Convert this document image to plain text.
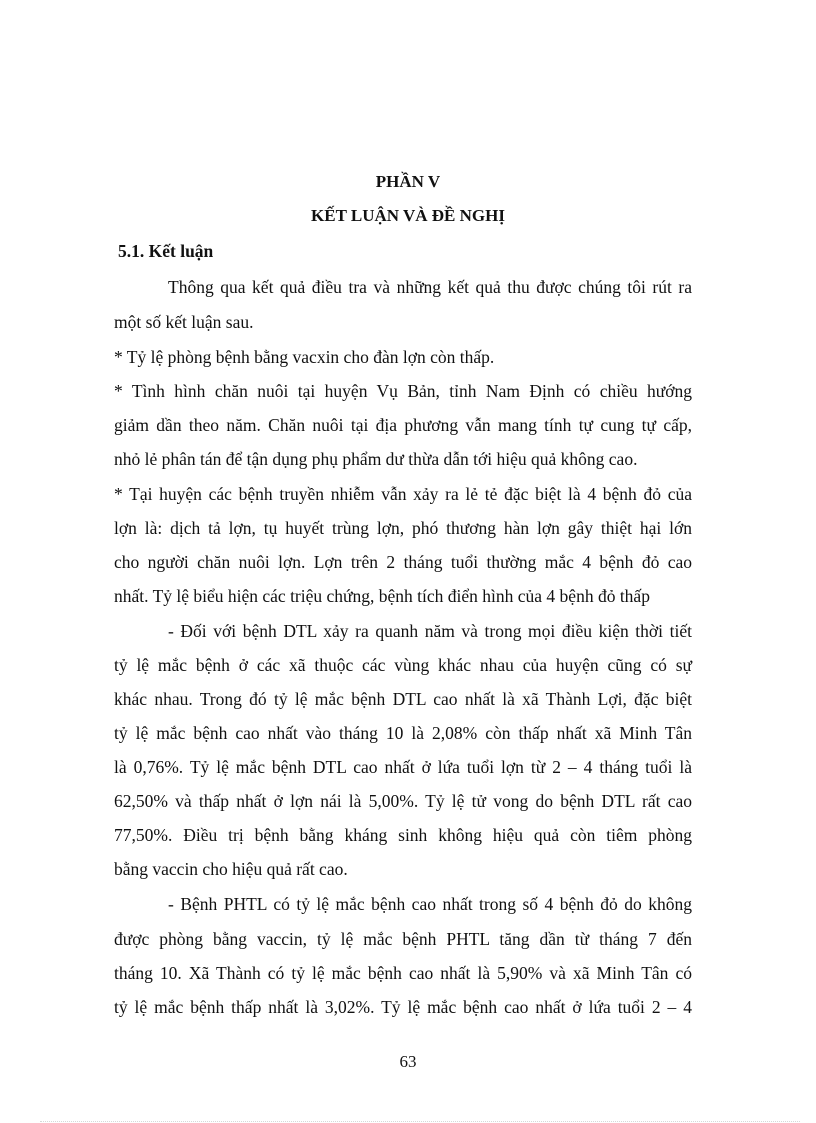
PHẦN V
KẾT LUẬN VÀ ĐỀ NGHỊ
5.1. Kết luận
Thông qua kết quả điều tra và những kết quả thu được chúng tôi rút ra
một số kết luận sau.
* Tỷ lệ phòng bệnh bằng vacxin cho đàn lợn còn thấp.
* Tình hình chăn nuôi tại huyện Vụ Bản, tỉnh Nam Định có chiều hướng
giảm dần theo năm. Chăn nuôi tại địa phương vẫn mang tính tự cung tự cấp,
nhỏ lẻ phân tán để tận dụng phụ phẩm dư thừa dẫn tới hiệu quả không cao.
* Tại huyện các bệnh truyền nhiễm vẫn xảy ra lẻ tẻ đặc biệt là 4 bệnh đỏ của
lợn là: dịch tả lợn, tụ huyết trùng lợn, phó thương hàn lợn gây thiệt hại lớn
cho người chăn nuôi lợn. Lợn trên 2 tháng tuổi thường mắc 4 bệnh đỏ cao
nhất. Tỷ lệ biểu hiện các triệu chứng, bệnh tích điển hình của 4 bệnh đỏ thấp
- Đối với bệnh DTL xảy ra quanh năm và trong mọi điều kiện thời tiết
tỷ lệ mắc bệnh ở các xã thuộc các vùng khác nhau của huyện cũng có sự
khác nhau. Trong đó tỷ lệ mắc bệnh DTL cao nhất là xã Thành Lợi, đặc biệt
tỷ lệ mắc bệnh cao nhất vào tháng 10 là 2,08% còn thấp nhất xã Minh Tân
là 0,76%. Tỷ lệ mắc bệnh DTL cao nhất ở lứa tuổi lợn từ 2 – 4 tháng tuổi là
62,50% và thấp nhất ở lợn nái là 5,00%. Tỷ lệ tử vong do bệnh DTL rất cao
77,50%. Điều trị bệnh bằng kháng sinh không hiệu quả còn tiêm phòng
bằng vaccin cho hiệu quả rất cao.
- Bệnh PHTL có tỷ lệ mắc bệnh cao nhất trong số 4 bệnh đỏ do không
được phòng bằng vaccin, tỷ lệ mắc bệnh PHTL tăng dần từ tháng 7 đến
tháng 10. Xã Thành có tỷ lệ mắc bệnh cao nhất là 5,90% và xã Minh Tân có
tỷ lệ mắc bệnh thấp nhất là 3,02%. Tỷ lệ mắc bệnh cao nhất ở lứa tuổi 2 – 4
63
